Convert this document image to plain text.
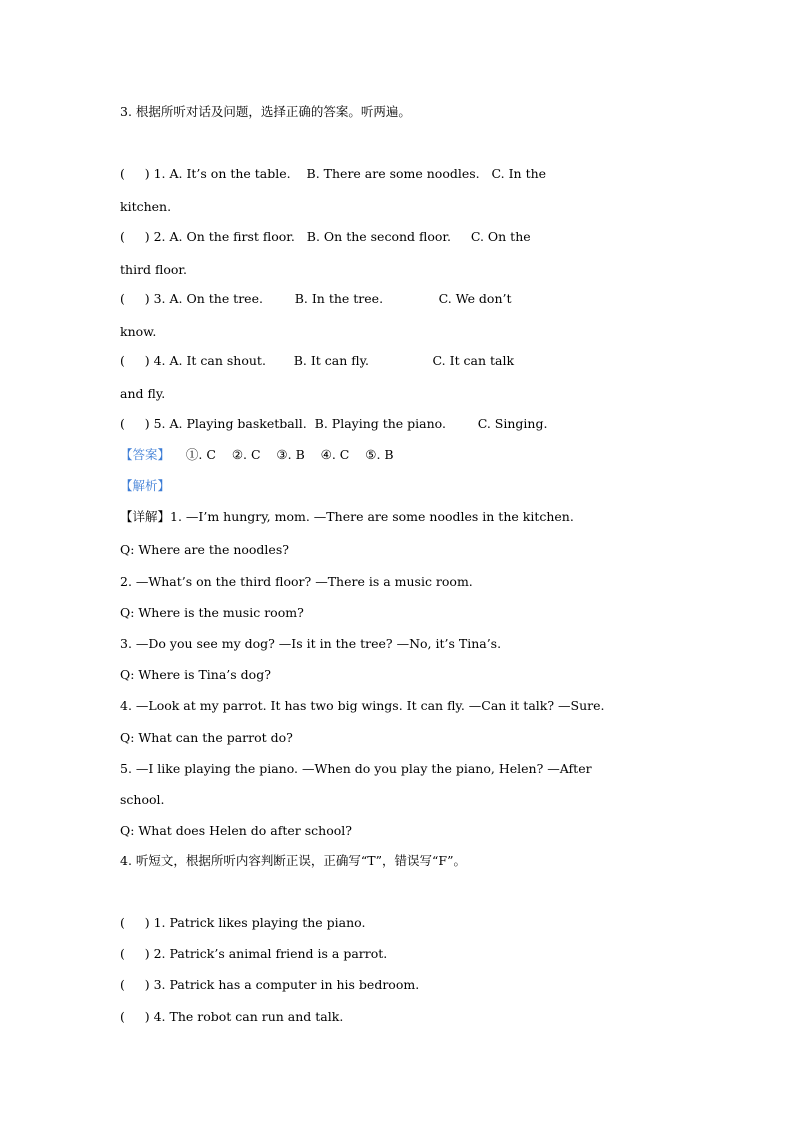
3. 根据所听对话及问题，选择正确的答案。听两遍。
(     ) 1. A. It’s on the table.    B. There are some noodles.   C. In the
kitchen.
(     ) 2. A. On the first floor.   B. On the second floor.     C. On the
third floor.
(     ) 3. A. On the tree.        B. In the tree.              C. We don’t
know.
(     ) 4. A. It can shout.       B. It can fly.                C. It can talk
and fly.
(     ) 5. A. Playing basketball.  B. Playing the piano.        C. Singing.
【答案】    ①. C    ②. C    ③. B    ④. C    ⑤. B
【解析】
【详解】1. —I’m hungry, mom. —There are some noodles in the kitchen.
Q: Where are the noodles?
2. —What’s on the third floor? —There is a music room.
Q: Where is the music room?
3. —Do you see my dog? —Is it in the tree? —No, it’s Tina’s.
Q: Where is Tina’s dog?
4. —Look at my parrot. It has two big wings. It can fly. —Can it talk? —Sure.
Q: What can the parrot do?
5. —I like playing the piano. —When do you play the piano, Helen? —After
school.
Q: What does Helen do after school?
4. 听短文，根据所听内容判断正误，正确写“T”，错误写“F”。
(     ) 1. Patrick likes playing the piano.
(     ) 2. Patrick’s animal friend is a parrot.
(     ) 3. Patrick has a computer in his bedroom.
(     ) 4. The robot can run and talk.
